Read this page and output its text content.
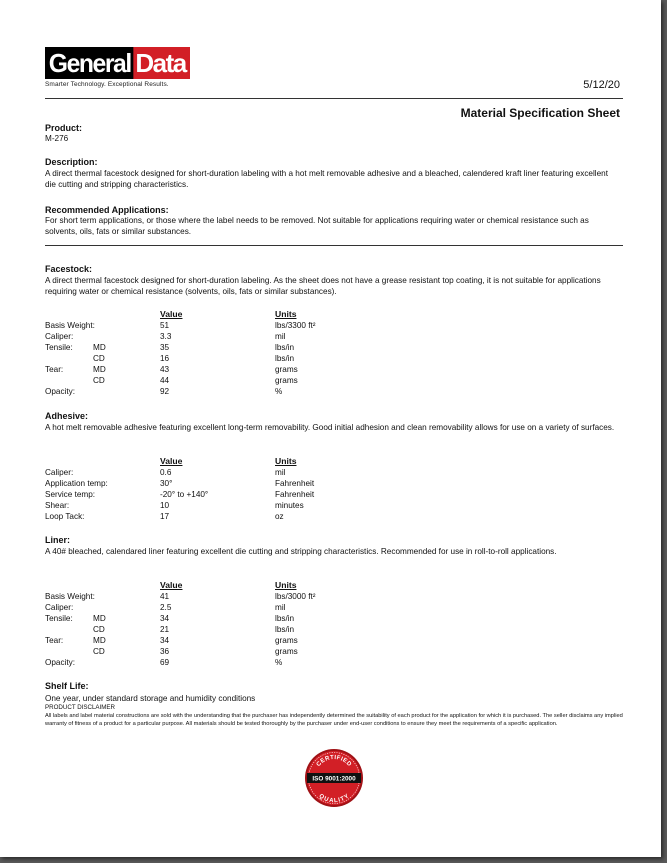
General Data
Smarter Technology. Exceptional Results.	5/12/20
Material Specification Sheet
Product:
M-276
Description:
A direct thermal facestock designed for short-duration labeling with a hot melt removable adhesive and a bleached, calendered kraft liner featuring excellent die cutting and stripping characteristics.
Recommended Applications:
For short term applications, or those where the label needs to be removed. Not suitable for applications requiring water or chemical resistance such as solvents, oils, fats or similar substances.
Facestock:
A direct thermal facestock designed for short-duration labeling. As the sheet does not have a grease resistant top coating, it is not suitable for applications requiring water or chemical resistance (solvents, oils, fats or similar substances).
Value	Units
Basis Weight:	51	lbs/3300 ft²
Caliper:	3.3	mil
Tensile: MD	35	lbs/in
CD	16	lbs/in
Tear:	MD	43	grams
CD	44	grams
Opacity:	92	%
Adhesive:
A hot melt removable adhesive featuring excellent long-term removability. Good initial adhesion and clean removability allows for use on a variety of surfaces.
Value	Units
Caliper:	0.6	mil
Application temp:	30°	Fahrenheit
Service temp:	-20° to +140°	Fahrenheit
Shear:	10	minutes
Loop Tack:	17	oz
Liner:
A 40# bleached, calendared liner featuring excellent die cutting and stripping characteristics. Recommended for use in roll-to-roll applications.
Value	Units
Basis Weight:	41	lbs/3000 ft²
Caliper:	2.5	mil
Tensile: MD	34	lbs/in
CD	21	lbs/in
Tear:	MD	34	grams
CD	36	grams
Opacity:	69	%
Shelf Life:
One year, under standard storage and humidity conditions
PRODUCT DISCLAIMER
All labels and label material constructions are sold with the understanding that the purchaser has independently determined the suitability of each product for the application for which it is purchased. The seller disclaims any implied warranty of fitness of a product for a particular purpose. All materials should be tested thoroughly by the purchaser under end-user conditions to ensure they meet the requirements of a specific application.
CERTIFIED
ISO 9001:2000
QUALITY
